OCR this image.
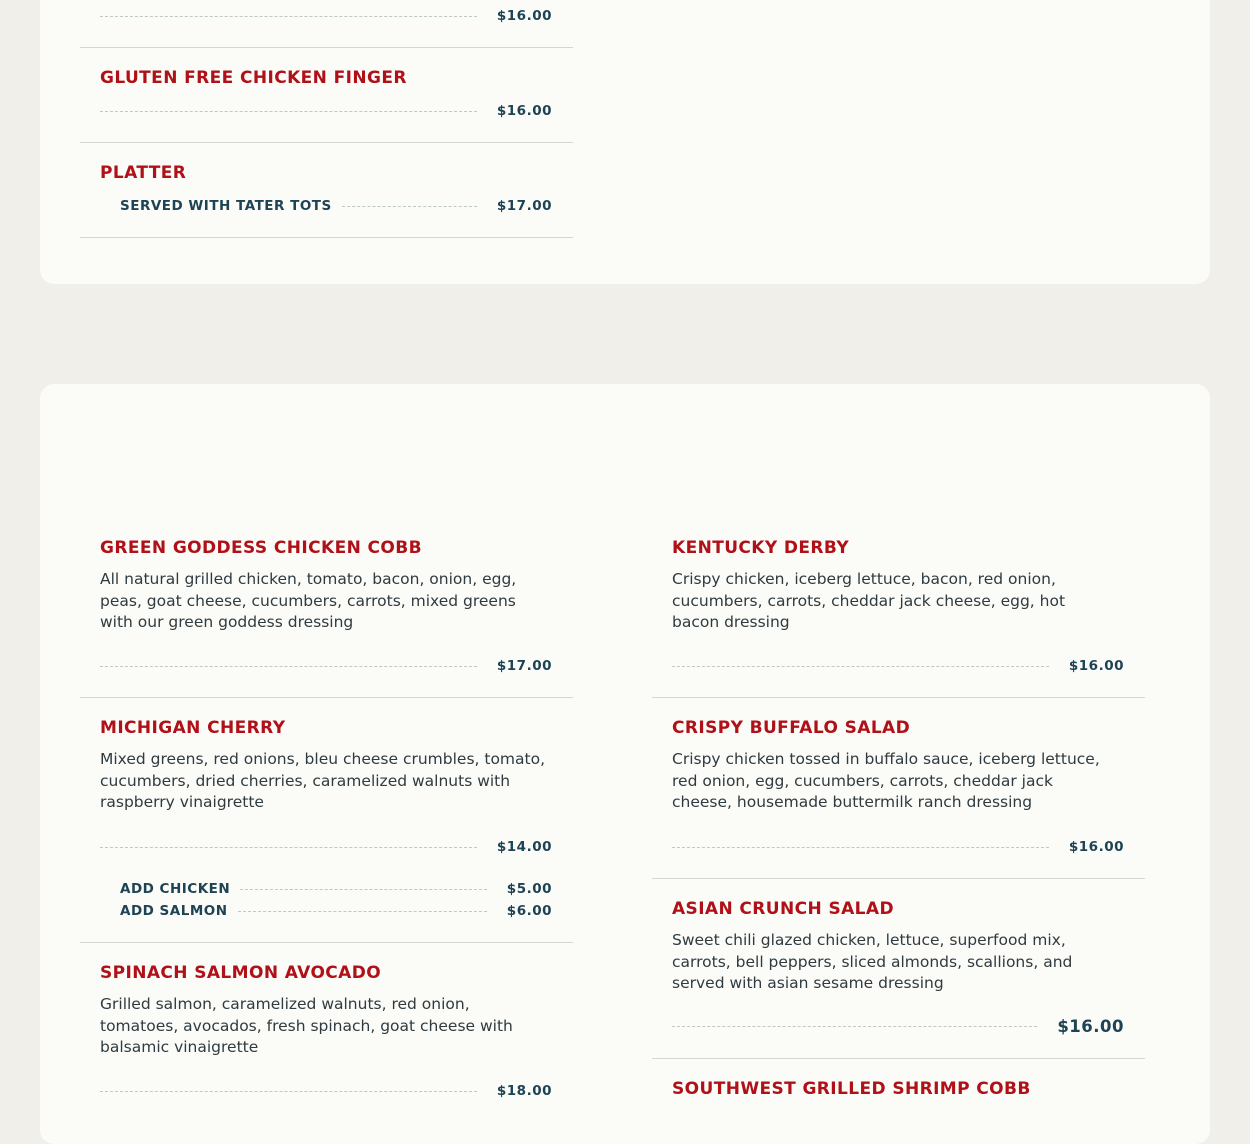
$16.00
GLUTEN FREE CHICKEN FINGER
$16.00
PLATTER
SERVED WITH TATER TOTS	$17.00
GREEN GODDESS CHICKEN COBB

All natural grilled chicken, tomato, bacon, onion, egg, peas, goat cheese, cucumbers, carrots, mixed greens with our green goddess dressing

$17.00
MICHIGAN CHERRY

Mixed greens, red onions, bleu cheese crumbles, tomato, cucumbers, dried cherries, caramelized walnuts with raspberry vinaigrette

$14.00
ADD CHICKEN	$5.00
ADD SALMON	$6.00
SPINACH SALMON AVOCADO

Grilled salmon, caramelized walnuts, red onion, tomatoes, avocados, fresh spinach, goat cheese with balsamic vinaigrette

$18.00
KENTUCKY DERBY

Crispy chicken, iceberg lettuce, bacon, red onion, cucumbers, carrots, cheddar jack cheese, egg, hot bacon dressing

$16.00
CRISPY BUFFALO SALAD

Crispy chicken tossed in buffalo sauce, iceberg lettuce, red onion, egg, cucumbers, carrots, cheddar jack cheese, housemade buttermilk ranch dressing

$16.00
ASIAN CRUNCH SALAD

Sweet chili glazed chicken, lettuce, superfood mix, carrots, bell peppers, sliced almonds, scallions, and served with asian sesame dressing

$16.00
SOUTHWEST GRILLED SHRIMP COBB
